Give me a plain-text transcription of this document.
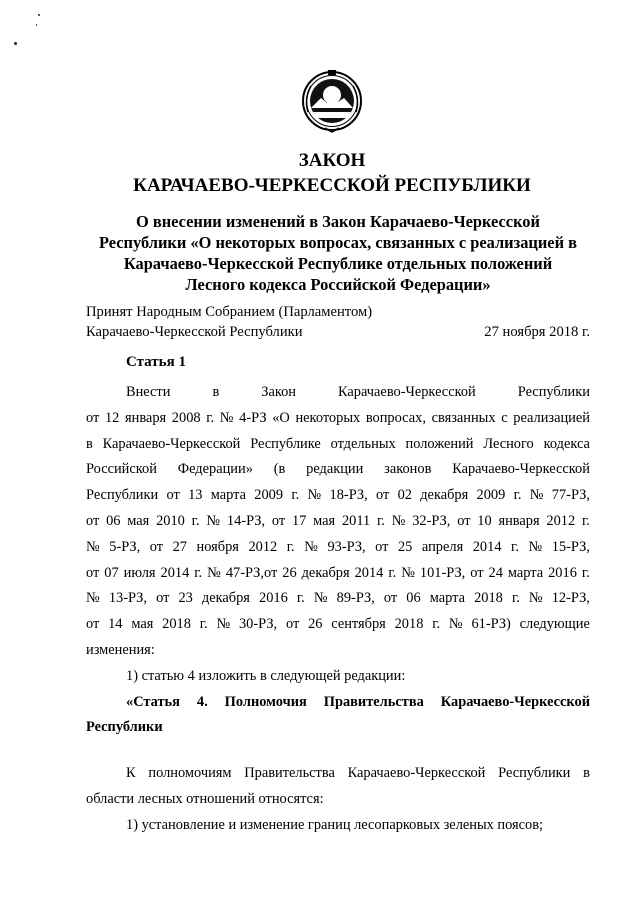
ЗАКОН
КАРАЧАЕВО-ЧЕРКЕССКОЙ РЕСПУБЛИКИ
О внесении изменений в Закон Карачаево-Черкесской
Республики «О некоторых вопросах, связанных с реализацией в
Карачаево-Черкесской Республике отдельных положений
Лесного кодекса Российской Федерации»
Принят Народным Собранием (Парламентом)
Карачаево-Черкесской Республики	27 ноября 2018 г.
Статья 1
Внести	в	Закон	Карачаево-Черкесской	Республики
от 12 января 2008 г. № 4-РЗ «О некоторых вопросах, связанных с реализацией
в Карачаево-Черкесской Республике отдельных положений Лесного кодекса
Российской Федерации» (в редакции законов Карачаево-Черкесской
Республики от 13 марта 2009 г. № 18-РЗ, от 02 декабря 2009 г. № 77-РЗ,
от 06 мая 2010 г. № 14-РЗ, от 17 мая 2011 г. № 32-РЗ, от 10 января 2012 г.
№ 5-РЗ, от 27 ноября 2012 г. № 93-РЗ, от 25 апреля 2014 г. № 15-РЗ,
от 07 июля 2014 г. № 47-РЗ,от 26 декабря 2014 г. № 101-РЗ, от 24 марта 2016 г.
№ 13-РЗ, от 23 декабря 2016 г. № 89-РЗ, от 06 марта 2018 г. № 12-РЗ,
от 14 мая 2018 г. № 30-РЗ, от 26 сентября 2018 г. № 61-РЗ) следующие
изменения:
1) статью 4 изложить в следующей редакции:
«Статья 4. Полномочия Правительства Карачаево-Черкесской
Республики
К полномочиям Правительства Карачаево-Черкесской Республики в
области лесных отношений относятся:
1) установление и изменение границ лесопарковых зеленых поясов;
